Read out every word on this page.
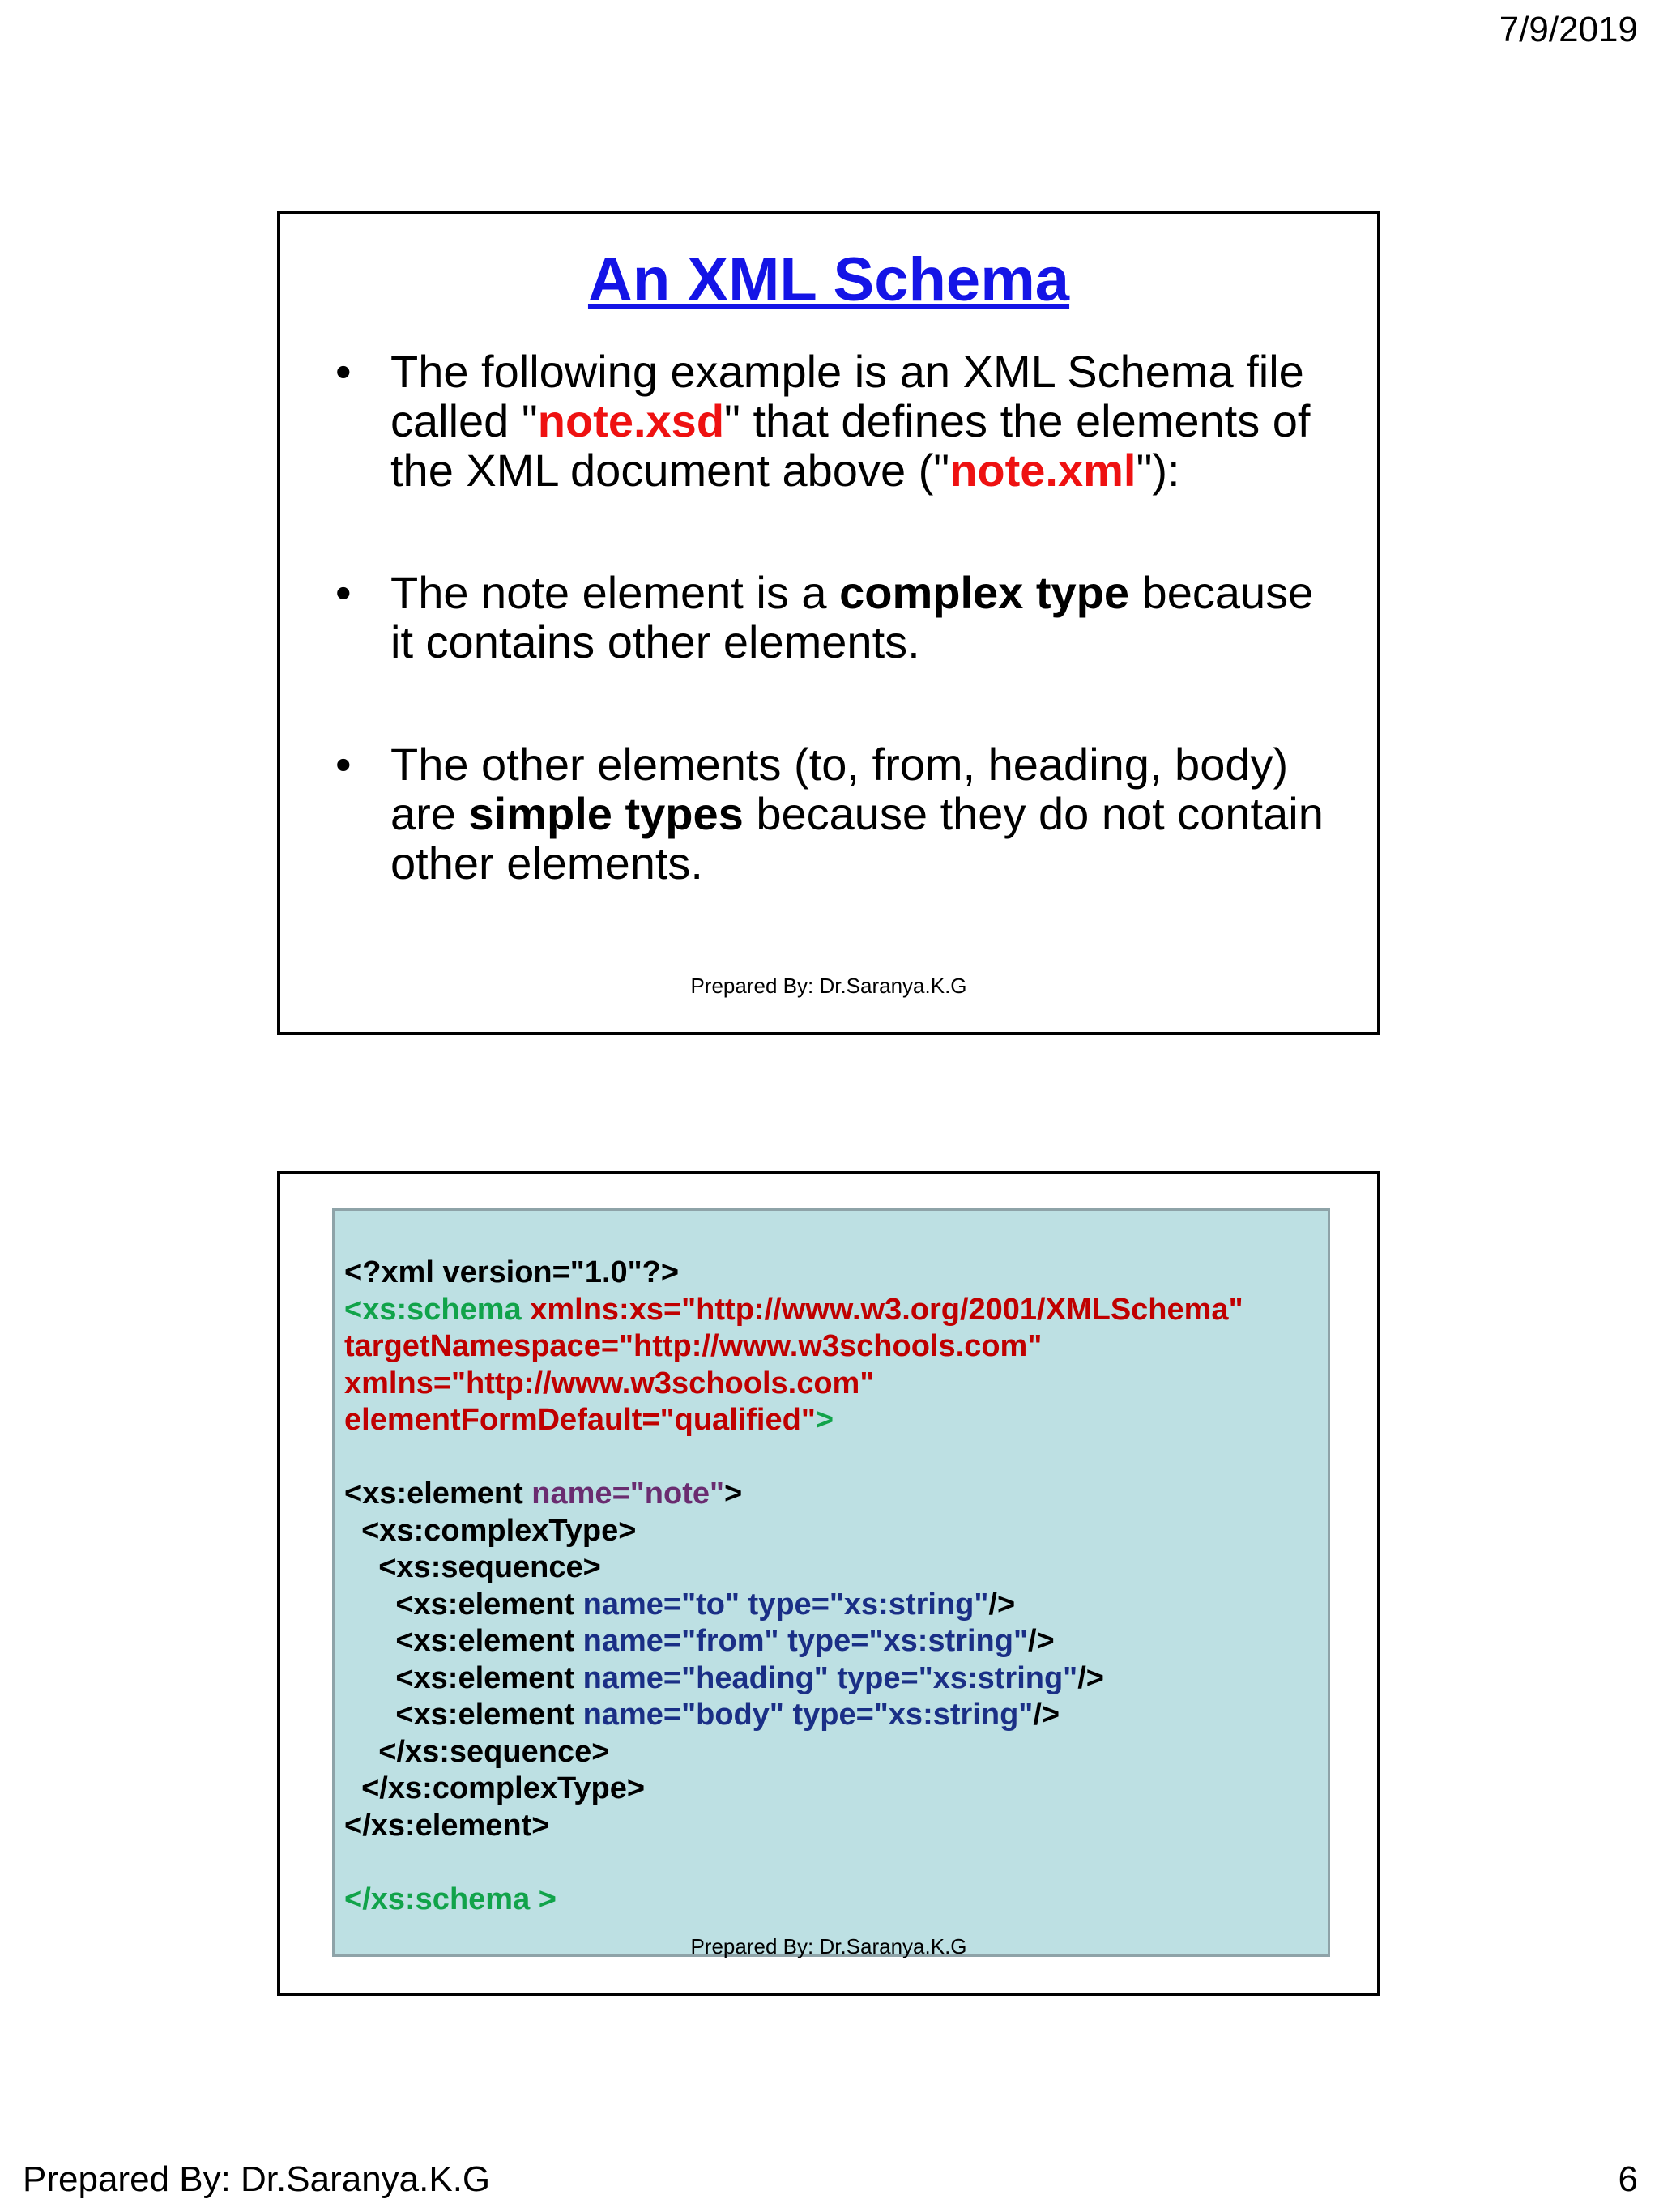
7/9/2019
An XML Schema
• The following example is an XML Schema file called "note.xsd" that defines the elements of the XML document above ("note.xml"):
• The note element is a complex type because it contains other elements.
• The other elements (to, from, heading, body) are simple types because they do not contain other elements.
Prepared By: Dr.Saranya.K.G
<?xml version="1.0"?>
<xs:schema xmlns:xs="http://www.w3.org/2001/XMLSchema"
targetNamespace="http://www.w3schools.com"
xmlns="http://www.w3schools.com"
elementFormDefault="qualified">
<xs:element name="note">
<xs:complexType>
<xs:sequence>
<xs:element name="to" type="xs:string"/>
<xs:element name="from" type="xs:string"/>
<xs:element name="heading" type="xs:string"/>
<xs:element name="body" type="xs:string"/>
</xs:sequence>
</xs:complexType>
</xs:element>
</xs:schema >
Prepared By: Dr.Saranya.K.G
Prepared By: Dr.Saranya.K.G	6
